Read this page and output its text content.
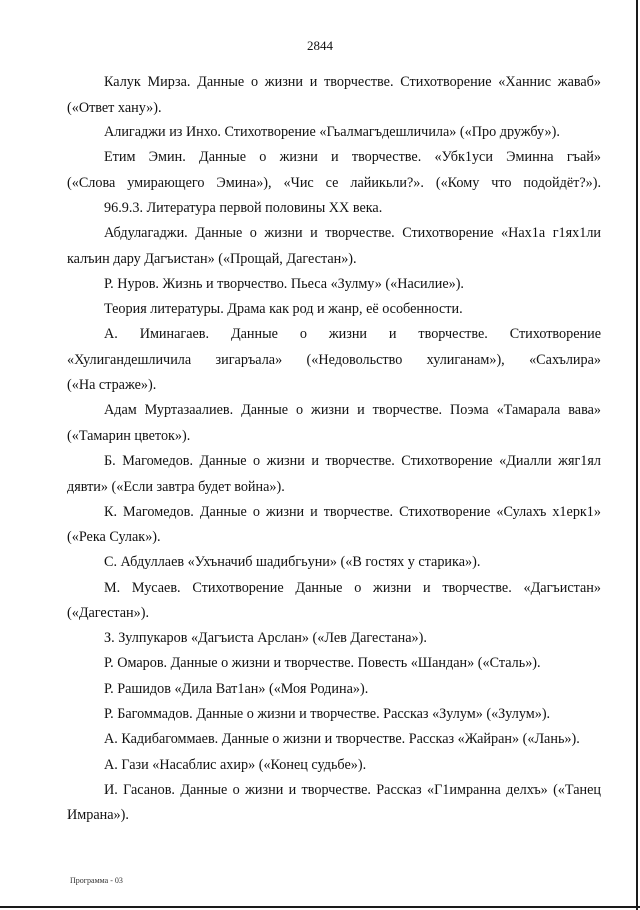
2844
Калук Мирза. Данные о жизни и творчестве. Стихотворение «Ханнис жаваб»
(«Ответ хану»).
Алигаджи из Инхо. Стихотворение «Гьалмагъдешличила» («Про дружбу»).
Етим Эмин. Данные о жизни и творчестве. «Убк1уси Эминна гъай»
(«Слова умирающего Эмина»), «Чис се лайикьли?». («Кому что подойдёт?»).
96.9.3. Литература первой половины XX века.
Абдулагаджи. Данные о жизни и творчестве. Стихотворение «Нах1а г1ях1ли
калъин дару Дагъистан» («Прощай, Дагестан»).
Р. Нуров. Жизнь и творчество. Пьеса «Зулму» («Насилие»).
Теория литературы. Драма как род и жанр, её особенности.
А. Иминагаев. Данные о жизни и творчестве. Стихотворение
«Хулигандешличила зигаръала» («Недовольство хулиганам»), «Сахълира»
(«На страже»).
Адам Муртазаалиев. Данные о жизни и творчестве. Поэма «Тамарала вава»
(«Тамарин цветок»).
Б. Магомедов. Данные о жизни и творчестве. Стихотворение «Диалли жяг1ял
дявти» («Если завтра будет война»).
К. Магомедов. Данные о жизни и творчестве. Стихотворение «Сулахъ х1ерк1»
(«Река Сулак»).
С. Абдуллаев «Ухъначиб шадибгьуни» («В гостях у старика»).
М. Мусаев. Стихотворение Данные о жизни и творчестве. «Дагъистан»
(«Дагестан»).
З. Зулпукаров «Дагъиста Арслан» («Лев Дагестана»).
Р. Омаров. Данные о жизни и творчестве. Повесть «Шандан» («Сталь»).
Р. Рашидов «Дила Ват1ан» («Моя Родина»).
Р. Багоммадов. Данные о жизни и творчестве. Рассказ «Зулум» («Зулум»).
А. Кадибагоммаев. Данные о жизни и творчестве. Рассказ «Жайран» («Лань»).
А. Гази «Насаблис ахир» («Конец судьбе»).
И. Гасанов. Данные о жизни и творчестве. Рассказ «Г1имранна делхъ» («Танец
Имрана»).
Программа - 03
